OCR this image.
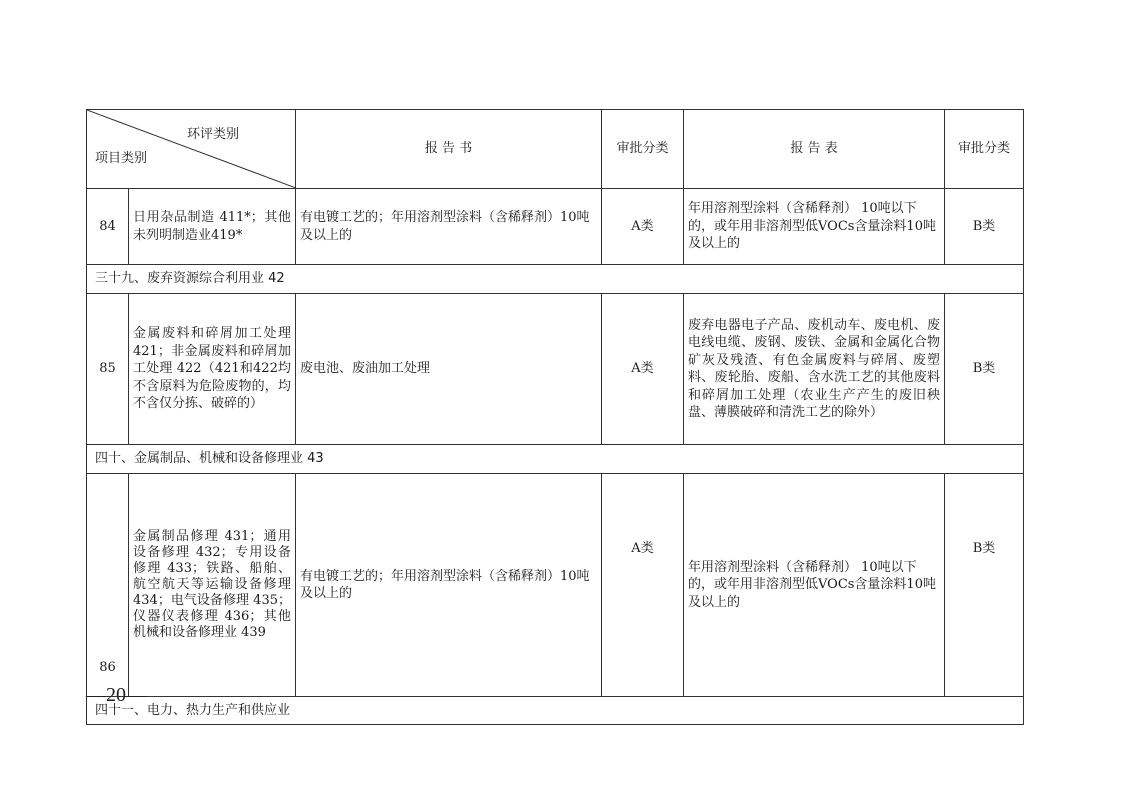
环评类别
项目类别		报 告 书	审批分类	报 告 表	审批分类
84	日用杂品制造 411*；其他未列明制造业419*	有电镀工艺的；年用溶剂型涂料（含稀释剂）10吨及以上的	A类	年用溶剂型涂料（含稀释剂） 10吨以下的，或年用非溶剂型低VOCs含量涂料10吨及以上的	B类
三十九、废弃资源综合利用业 42					
85	金属废料和碎屑加工处理 421；非金属废料和碎屑加工处理 422（421和422均不含原料为危险废物的，均不含仅分拣、破碎的）	废电池、废油加工处理	A类	废弃电器电子产品、废机动车、废电机、废电线电缆、废钢、废铁、金属和金属化合物矿灰及残渣、有色金属废料与碎屑、废塑料、废轮胎、废船、含水洗工艺的其他废料和碎屑加工处理（农业生产产生的废旧秧盘、薄膜破碎和清洗工艺的除外）	B类
四十、金属制品、机械和设备修理业 43					
86	金属制品修理 431；通用设备修理 432；专用设备修理 433；铁路、船舶、航空航天等运输设备修理 434；电气设备修理 435；仪器仪表修理 436；其他机械和设备修理业 439	有电镀工艺的；年用溶剂型涂料（含稀释剂）10吨及以上的	A类	年用溶剂型涂料（含稀释剂） 10吨以下的，或年用非溶剂型低VOCs含量涂料10吨及以上的	B类
四十一、电力、热力生产和供应业					
—20—
